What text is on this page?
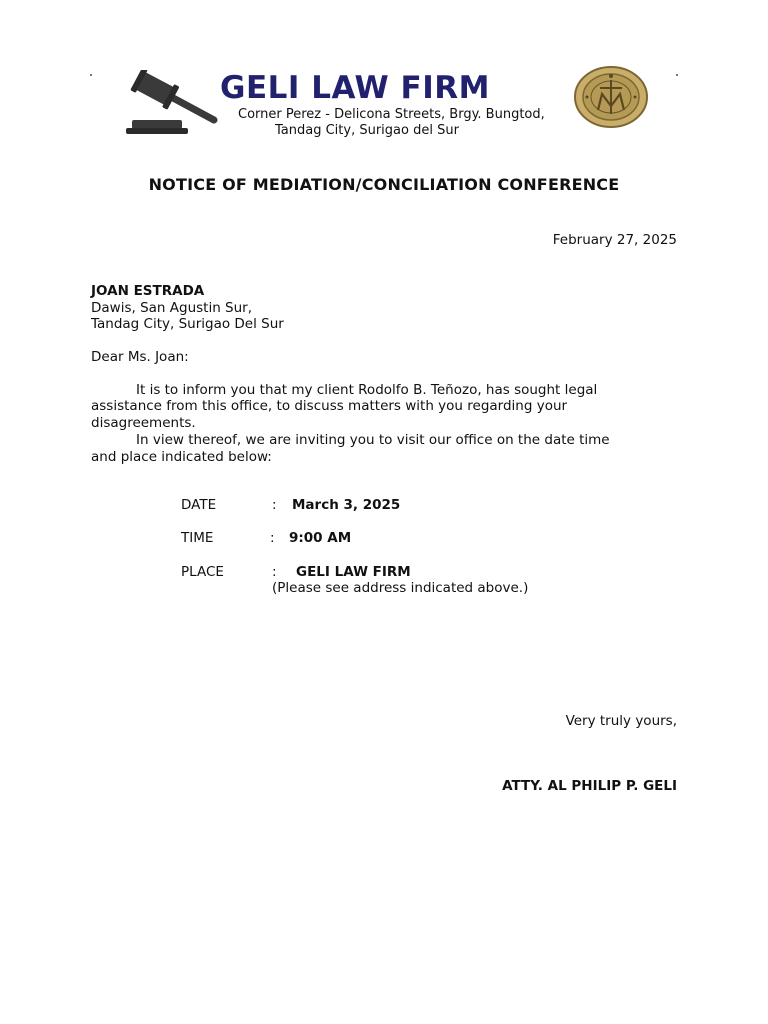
GELI LAW FIRM
Corner Perez - Delicona Streets, Brgy. Bungtod,
Tandag City, Surigao del Sur
NOTICE OF MEDIATION/CONCILIATION CONFERENCE
February 27, 2025
JOAN ESTRADA
Dawis, San Agustin Sur,
Tandag City, Surigao Del Sur
Dear Ms. Joan:
It is to inform you that my client Rodolfo B. Teñozo, has sought legal
assistance from this office, to discuss matters with you regarding your
disagreements.
In view thereof, we are inviting you to visit our office on the date time
and place indicated below:
DATE	: March 3, 2025
TIME	: 9:00 AM
PLACE	: GELI LAW FIRM
(Please see address indicated above.)
Very truly yours,
ATTY. AL PHILIP P. GELI
